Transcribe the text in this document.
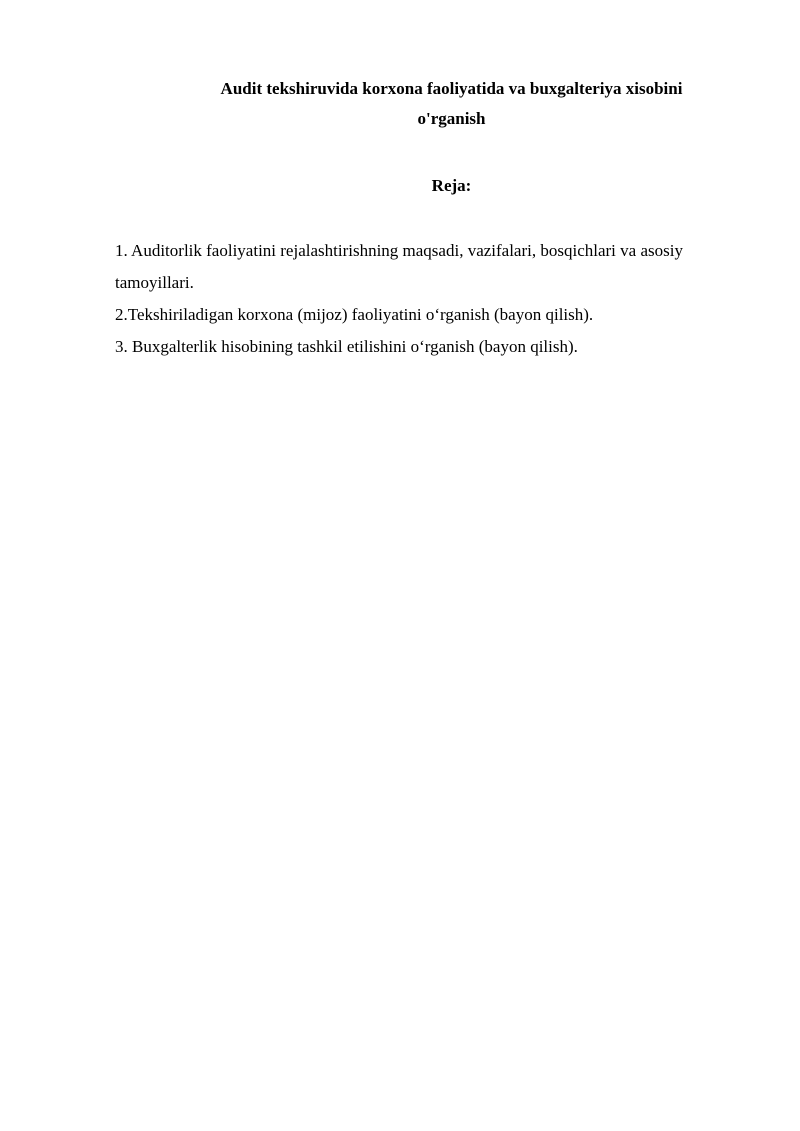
Audit tekshiruvida korxona faoliyatida va buxgalteriya xisobini
o'rganish
Reja:
1. Auditorlik faoliyatini rejalashtirishning maqsadi, vazifalari, bosqichlari va asosiy tamoyillari.
2.Tekshiriladigan korxona (mijoz) faoliyatini o‘rganish (bayon qilish).
3. Buxgalterlik hisobining tashkil etilishini o‘rganish (bayon qilish).
